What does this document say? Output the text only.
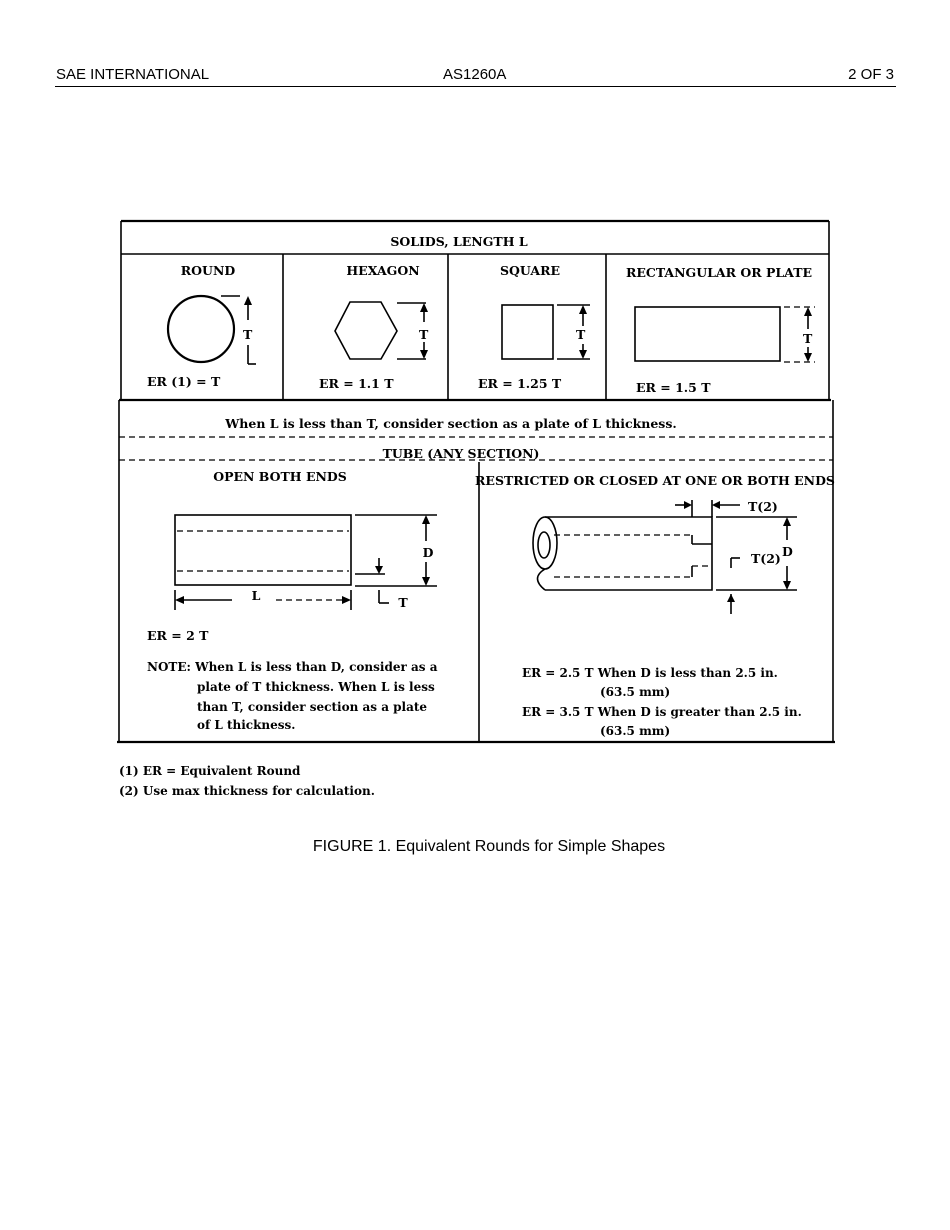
SAE INTERNATIONAL	AS1260A	2 OF 3
SOLIDS, LENGTH L
ROUND	HEXAGON	SQUARE	RECTANGULAR OR PLATE
T
ER (1) = T
T
ER = 1.1 T
T
ER = 1.25 T
T
ER = 1.5 T
When L is less than T, consider section as a plate of L thickness.
TUBE (ANY SECTION)
OPEN BOTH ENDS
D
L	T
ER = 2 T
NOTE: When L is less than D, consider as a
plate of T thickness. When L is less
than T, consider section as a plate
of L thickness.
RESTRICTED OR CLOSED AT ONE OR BOTH ENDS
T(2)
T(2) D
ER = 2.5 T When D is less than 2.5 in.
(63.5 mm)
ER = 3.5 T When D is greater than 2.5 in.
(63.5 mm)
(1) ER = Equivalent Round
(2) Use max thickness for calculation.
FIGURE 1. Equivalent Rounds for Simple Shapes
